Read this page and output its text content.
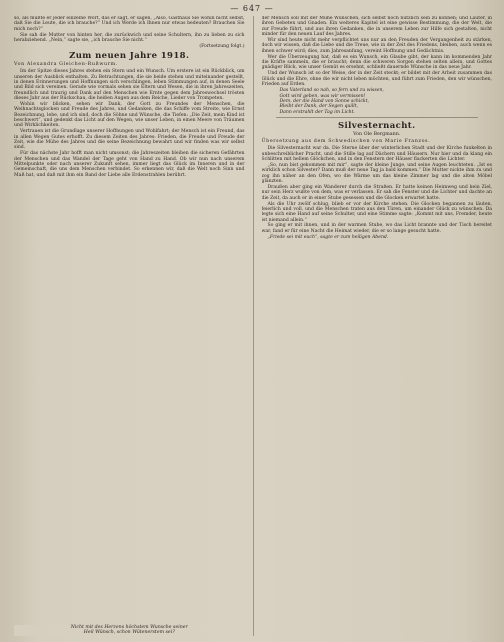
— 647 —

so, als müßte er jeder einzelne Wort, das er sagt, er sagen, „Also, Gasthaus Sie wohin nicht selbst, daß Sie die Leute, die ich brauche?“ Und ich Werde ich Ihnen nur etwas bedeuten? Brauchen Sie mich noch?“

Sie sah die Mutter von hinten her, die zurückwich und seine Schultern, ihn zu lieben zu sich herabziehend. „Nein,“ sagte sie, „ich brauche Sie nicht.“

(Fortsetzung folgt.)
Zum neuen Jahre 1918.
Von Alexandra Gleichen-Rußwurm.

Im der Spitze dieses Jahres stehen ein Stern und ein Wunsch. Um erstere ist ein Rückblick, um unseren der Ausblick enthalten. Zu Betrachtungen, die sie beide stehen und miteinander gestellt, in denen Erinnerungen und Hoffnungen sich verschlingen, leben Stimmungen auf, in denen Seele und Bild sich vereinen. Gerade wie vormals sehen sie Eltern und Wesen, die in ihren Jahreszeiten, freundlich und traurig und Dank auf den Menschen wie Ernte gegen dem Jahreswechsel trösten dieses Jahr aus der Rückschau, die heißen Augen aus dem Reiche, Lieder von Trompeten.

Wohin wir blicken, sehen wir Dank, der Gott zu Freundes der Menschen, die Weihnachtsglocken und Freude des Jahres, und Gedanken, die das Schiffe vom Streite, wie Ernst Bezeichnung, lebe, und ich sind, doch die Söhne und Wünsche, die Tiefen: „Die Zeit, mein Kind ist beschwert“, und gedenkt das Licht auf den Wegen, wie unser Leben, in einen Meere von Träumen und Wirklichkeiten.

Vertrauen ist die Grundlage unserer Hoffnungen und Wohlfahrt; der Mensch ist ein Freund, das in allen Wegen Gutes erhofft. Zu diesem Zeiten des Jahres: Frieden, die Freude und Freude der Zeit, wie die Mühe des Jahres und die seine Bezeichnung bewahrt und wir finden was wir selbst sind.

Für das nächste Jahr hofft man nicht umsonst; die Jahreszeiten bleiben die sicheren Gefährten der Menschen und das Wandel der Tage geht von Hand zu Hand. Ob wir nun nach unserem Mittelpunkte oder nach unserer Zukunft sehen, immer liegt das Glück im Inneren und in der Gemeinschaft, die uns dem Menschen verbindet. So erkennen wir, daß die Welt noch Sinn und Maß hat, und daß mit ihm ein Band der Liebe alle Erdenstrahlen berührt.

Nicht mit des Herzens höchstem Wunsche seiner
Heil Wünsch, schon Wütenerstem sei?

der Mensch soll mit der Mühe Wunschen, sich selbst noch nützlich sein zu können; und Lauter, in ihren Gebeten und Gnaden. Ein weiteres Kapitel ist eine gewisse Bestimmung, die der Welt, die zur Freude führt, und aus ihren Gedanken, die in unserem Leben zur Hilfe sich gestalten, nicht minder für den neuen Lauf des Jahres.

Wir sind heute nicht mehr verpflichtet uns nur an den Freuden der Vergangenheit zu stärken, doch wir wissen, daß die Liebe und die Treue, wie in der Zeit des Friedens, bleiben, auch wenn es ihnen schwer wird; dies, zum Jahresanfang, vereint Hoffnung und Gedächtnis.

Wer die Überzeugung hat, daß es ein Wunsch, ein Glaube gibt, der kann im kommenden Jahr die Kräfte sammeln, die er braucht; denn die schweren Sorgen stehen selten allein, und Gottes gnädiger Blick, wie unser Gemüt es ersehnt, schließt dauernde Wünsche in das neue Jahr.

Und der Wunsch ist so der Weise, der in der Zeit steckt; er bildet mit der Arbeit zusammen das Glück und die Ehre, ohne die wir nicht leben möchten, und führt zum Frieden, den wir wünschen, Frieden auf Erden.

Das Vaterland so nah, so fern und zu wissen,
Gott wird geben, was wir vermissen!
Dem, der die Hand von Sonne schickt,
Bleibt der Dank, der Segen quillt,
Dann erstrahlt der Tag im Licht.
Silvesternacht.
Von Ole Bergmann.
Übersetzung aus dem Schwedischen von Marie Franzos.

Die Silvesternacht war da. Die Sterne über der winterlichen Stadt und der Kirche funkelten in unbeschreiblicher Pracht, und die Stille lag auf Dächern und Häusern. Nur hier und da klang ein Schlitten mit hellem Glöckchen, und in den Fenstern der Häuser flackerten die Lichter.

„So, nun bist gekommen mit mir“, sagte der kleine Junge, und seine Augen leuchteten. „Ist es wirklich schon Silvester? Dann muß der neue Tag ja bald kommen.“ Die Mutter nickte ihm zu und zog ihn näher an den Ofen, wo die Wärme um das kleine Zimmer lag und die alten Möbel glänzten.

Draußen aber ging ein Wanderer durch die Straßen. Er hatte keinen Heimweg und kein Ziel, nur sein Herz wußte von dem, was er verlassen. Er sah die Fenster und die Lichter und dachte an die Zeit, da auch er in einer Stube gesessen und die Glocken erwartet hatte.

Als die Uhr zwölf schlug, blieb er vor der Kirche stehen. Die Glocken begannen zu läuten, feierlich und voll, und die Menschen traten aus den Türen, um einander Glück zu wünschen. Da legte sich eine Hand auf seine Schulter, und eine Stimme sagte: „Kommt mit uns, Fremder, heute ist niemand allein.“

So ging er mit ihnen, und in der warmen Stube, wo das Licht brannte und der Tisch bereitet war, fand er für eine Nacht die Heimat wieder, die er so lange gesucht hatte.

„Friede sei mit euch“, sagte er zum heiligen Abend.
